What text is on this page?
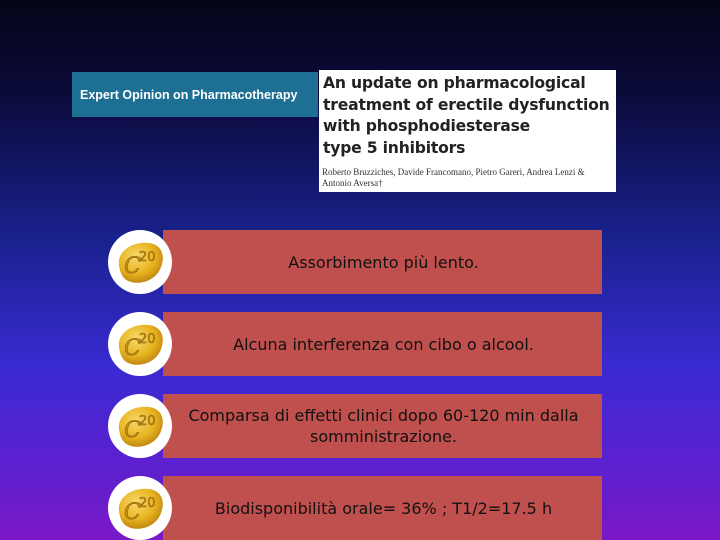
Expert Opinion on Pharmacotherapy
An update on pharmacological
treatment of erectile dysfunction
with phosphodiesterase
type 5 inhibitors
Roberto Bruzziches, Davide Francomano, Pietro Gareri, Andrea Lenzi & Antonio Aversa†
Assorbimento più lento.
C
20
Alcuna interferenza con cibo o alcool.
C
20
Comparsa di effetti clinici dopo 60-120 min dalla somministrazione.
C
20
Biodisponibilità orale= 36% ; T1/2=17.5 h
C
20
